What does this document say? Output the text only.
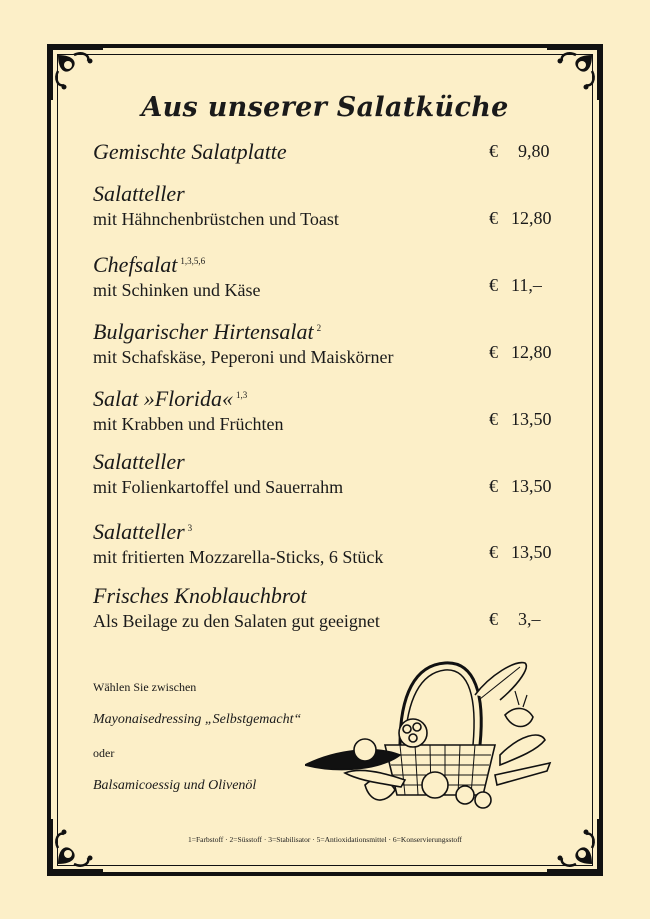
Aus unserer Salatküche
Gemischte Salatplatte	€ 9,80
Salatteller
mit Hähnchenbrüstchen und Toast	€ 12,80
Chefsalat $^{1,3,5,6}$
mit Schinken und Käse	€ 11,–
Bulgarischer Hirtensalat $^2$
mit Schafskäse, Peperoni und Maiskörner	€ 12,80
Salat »Florida« $^{1,3}$
mit Krabben und Früchten	€ 13,50
Salatteller
mit Folienkartoffel und Sauerrahm	€ 13,50
Salatteller $^3$
mit fritierten Mozzarella-Sticks, 6 Stück	€ 13,50
Frisches Knoblauchbrot
Als Beilage zu den Salaten gut geeignet	€ 3,–
Wählen Sie zwischen
Mayonaisedressing „Selbstgemacht“
oder
Balsamicoessig und Olivenöl
1=Farbstoff · 2=Süsstoff · 3=Stabilisator · 5=Antioxidationsmittel · 6=Konservierungsstoff
